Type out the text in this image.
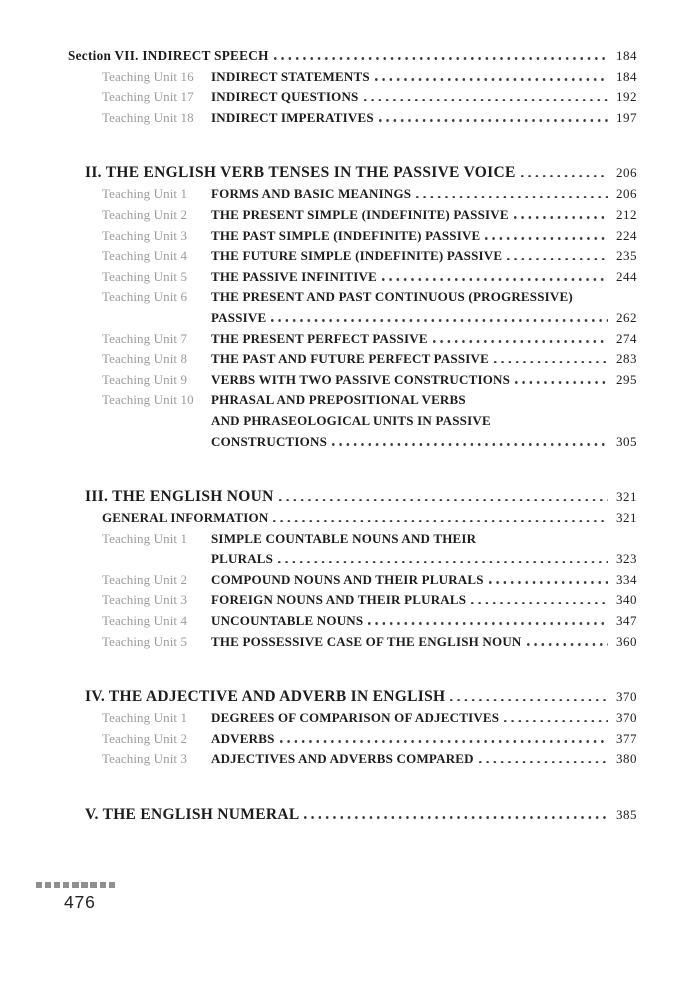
Section VII. INDIRECT SPEECH	184
Teaching Unit 16	INDIRECT STATEMENTS	184
Teaching Unit 17	INDIRECT QUESTIONS	192
Teaching Unit 18	INDIRECT IMPERATIVES	197
II. THE ENGLISH VERB TENSES IN THE PASSIVE VOICE	206
Teaching Unit 1	FORMS AND BASIC MEANINGS	206
Teaching Unit 2	THE PRESENT SIMPLE (INDEFINITE) PASSIVE	212
Teaching Unit 3	THE PAST SIMPLE (INDEFINITE) PASSIVE	224
Teaching Unit 4	THE FUTURE SIMPLE (INDEFINITE) PASSIVE	235
Teaching Unit 5	THE PASSIVE INFINITIVE	244
Teaching Unit 6	THE PRESENT AND PAST CONTINUOUS (PROGRESSIVE)
PASSIVE	262
Teaching Unit 7	THE PRESENT PERFECT PASSIVE	274
Teaching Unit 8	THE PAST AND FUTURE PERFECT PASSIVE	283
Teaching Unit 9	VERBS WITH TWO PASSIVE CONSTRUCTIONS	295
Teaching Unit 10	PHRASAL AND PREPOSITIONAL VERBS
AND PHRASEOLOGICAL UNITS IN PASSIVE
CONSTRUCTIONS	305
III. THE ENGLISH NOUN	321
GENERAL INFORMATION	321
Teaching Unit 1	SIMPLE COUNTABLE NOUNS AND THEIR
PLURALS	323
Teaching Unit 2	COMPOUND NOUNS AND THEIR PLURALS	334
Teaching Unit 3	FOREIGN NOUNS AND THEIR PLURALS	340
Teaching Unit 4	UNCOUNTABLE NOUNS	347
Teaching Unit 5	THE POSSESSIVE CASE OF THE ENGLISH NOUN	360
IV. THE ADJECTIVE AND ADVERB IN ENGLISH	370
Teaching Unit 1	DEGREES OF COMPARISON OF ADJECTIVES	370
Teaching Unit 2	ADVERBS	377
Teaching Unit 3	ADJECTIVES AND ADVERBS COMPARED	380
V. THE ENGLISH NUMERAL	385
476
